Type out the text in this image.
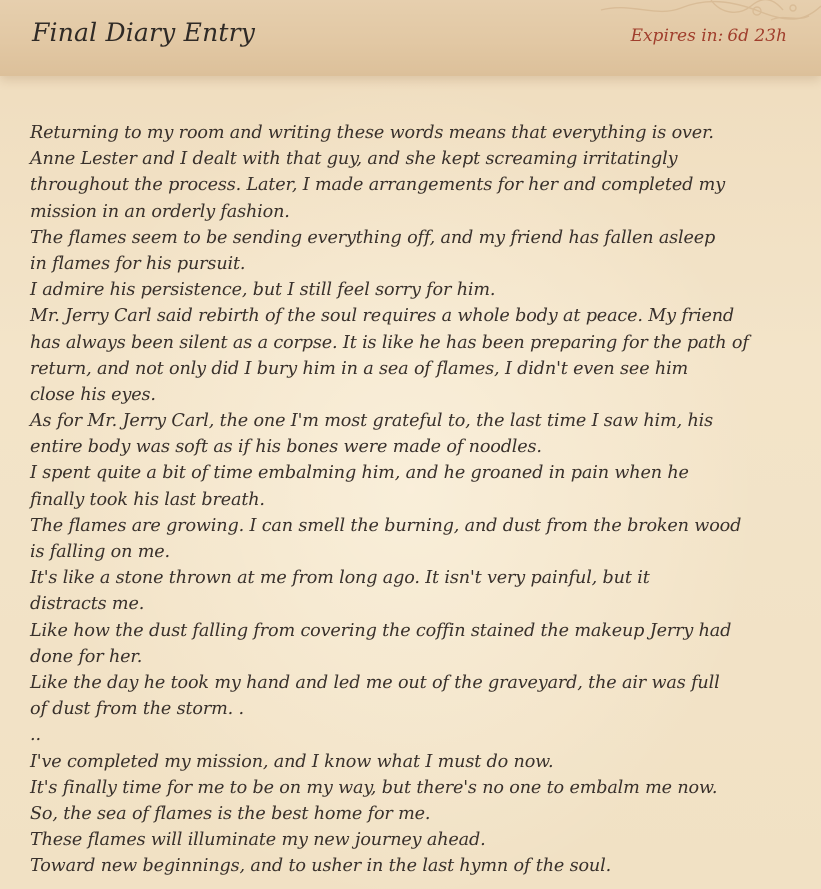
Final Diary Entry	Expires in: 6d 23h
Returning to my room and writing these words means that everything is over.
Anne Lester and I dealt with that guy, and she kept screaming irritatingly
throughout the process. Later, I made arrangements for her and completed my
mission in an orderly fashion.
The flames seem to be sending everything off, and my friend has fallen asleep
in flames for his pursuit.
I admire his persistence, but I still feel sorry for him.
Mr. Jerry Carl said rebirth of the soul requires a whole body at peace. My friend
has always been silent as a corpse. It is like he has been preparing for the path of
return, and not only did I bury him in a sea of flames, I didn't even see him
close his eyes.
As for Mr. Jerry Carl, the one I'm most grateful to, the last time I saw him, his
entire body was soft as if his bones were made of noodles.
I spent quite a bit of time embalming him, and he groaned in pain when he
finally took his last breath.
The flames are growing. I can smell the burning, and dust from the broken wood
is falling on me.
It's like a stone thrown at me from long ago. It isn't very painful, but it
distracts me.
Like how the dust falling from covering the coffin stained the makeup Jerry had
done for her.
Like the day he took my hand and led me out of the graveyard, the air was full
of dust from the storm. .
..
I've completed my mission, and I know what I must do now.
It's finally time for me to be on my way, but there's no one to embalm me now.
So, the sea of flames is the best home for me.
These flames will illuminate my new journey ahead.
Toward new beginnings, and to usher in the last hymn of the soul.
